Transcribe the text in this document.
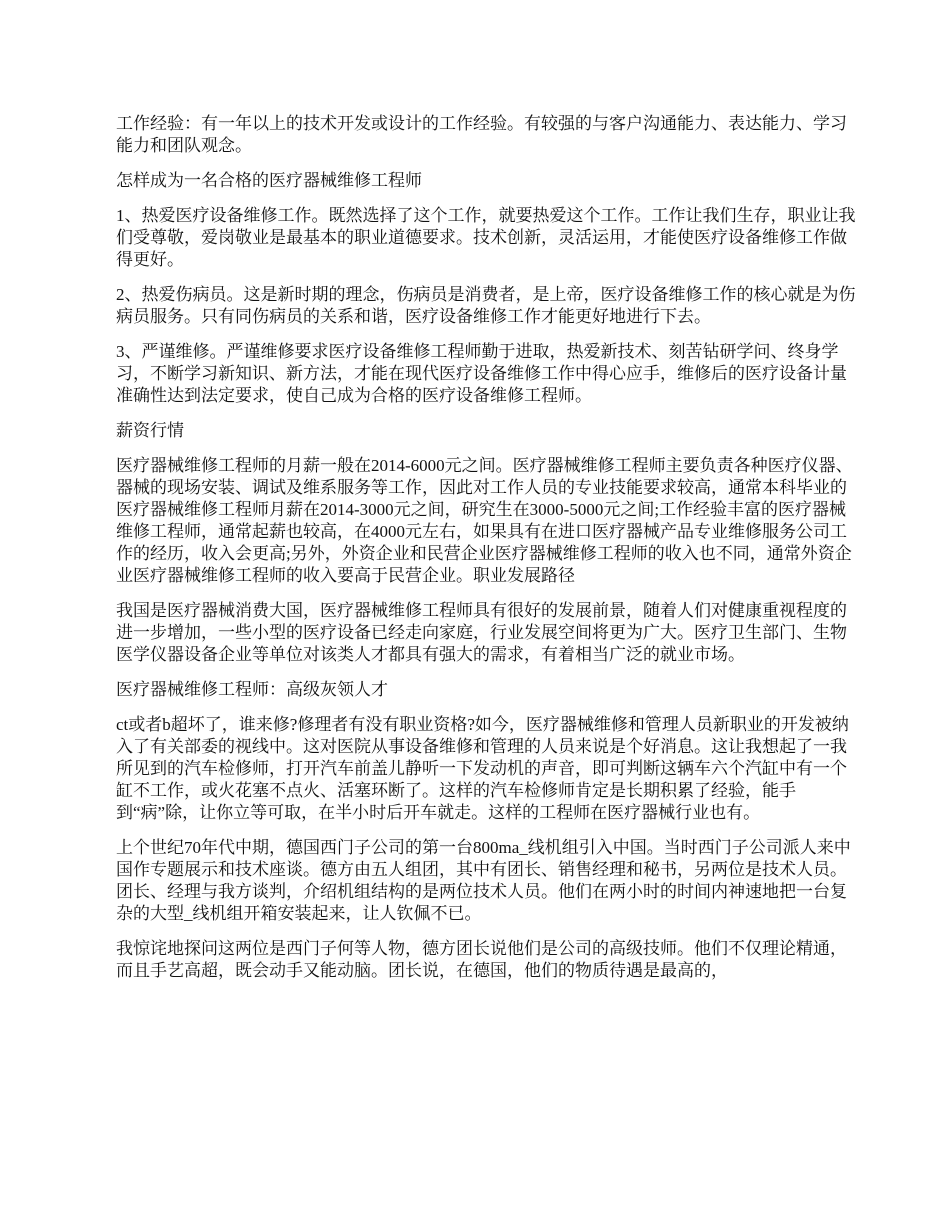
工作经验：有一年以上的技术开发或设计的工作经验。有较强的与客户沟通能力、表达能力、学习能力和团队观念。

怎样成为一名合格的医疗器械维修工程师

1、热爱医疗设备维修工作。既然选择了这个工作，就要热爱这个工作。工作让我们生存，职业让我们受尊敬，爱岗敬业是最基本的职业道德要求。技术创新，灵活运用，才能使医疗设备维修工作做得更好。

2、热爱伤病员。这是新时期的理念，伤病员是消费者，是上帝，医疗设备维修工作的核心就是为伤病员服务。只有同伤病员的关系和谐，医疗设备维修工作才能更好地进行下去。

3、严谨维修。严谨维修要求医疗设备维修工程师勤于进取，热爱新技术、刻苦钻研学问、终身学习，不断学习新知识、新方法，才能在现代医疗设备维修工作中得心应手，维修后的医疗设备计量准确性达到法定要求，使自己成为合格的医疗设备维修工程师。

薪资行情

医疗器械维修工程师的月薪一般在2014-6000元之间。医疗器械维修工程师主要负责各种医疗仪器、器械的现场安装、调试及维系服务等工作，因此对工作人员的专业技能要求较高，通常本科毕业的医疗器械维修工程师月薪在2014-3000元之间，研究生在3000-5000元之间;工作经验丰富的医疗器械维修工程师，通常起薪也较高，在4000元左右，如果具有在进口医疗器械产品专业维修服务公司工作的经历，收入会更高;另外，外资企业和民营企业医疗器械维修工程师的收入也不同，通常外资企业医疗器械维修工程师的收入要高于民营企业。职业发展路径

我国是医疗器械消费大国，医疗器械维修工程师具有很好的发展前景，随着人们对健康重视程度的进一步增加，一些小型的医疗设备已经走向家庭，行业发展空间将更为广大。医疗卫生部门、生物医学仪器设备企业等单位对该类人才都具有强大的需求，有着相当广泛的就业市场。

医疗器械维修工程师：高级灰领人才

ct或者b超坏了，谁来修?修理者有没有职业资格?如今，医疗器械维修和管理人员新职业的开发被纳入了有关部委的视线中。这对医院从事设备维修和管理的人员来说是个好消息。这让我想起了一我所见到的汽车检修师，打开汽车前盖儿静听一下发动机的声音，即可判断这辆车六个汽缸中有一个缸不工作，或火花塞不点火、活塞环断了。这样的汽车检修师肯定是长期积累了经验，能手到“病”除，让你立等可取，在半小时后开车就走。这样的工程师在医疗器械行业也有。

上个世纪70年代中期，德国西门子公司的第一台800ma_线机组引入中国。当时西门子公司派人来中国作专题展示和技术座谈。德方由五人组团，其中有团长、销售经理和秘书，另两位是技术人员。团长、经理与我方谈判，介绍机组结构的是两位技术人员。他们在两小时的时间内神速地把一台复杂的大型_线机组开箱安装起来，让人钦佩不已。

我惊诧地探问这两位是西门子何等人物，德方团长说他们是公司的高级技师。他们不仅理论精通，而且手艺高超，既会动手又能动脑。团长说，在德国，他们的物质待遇是最高的，
